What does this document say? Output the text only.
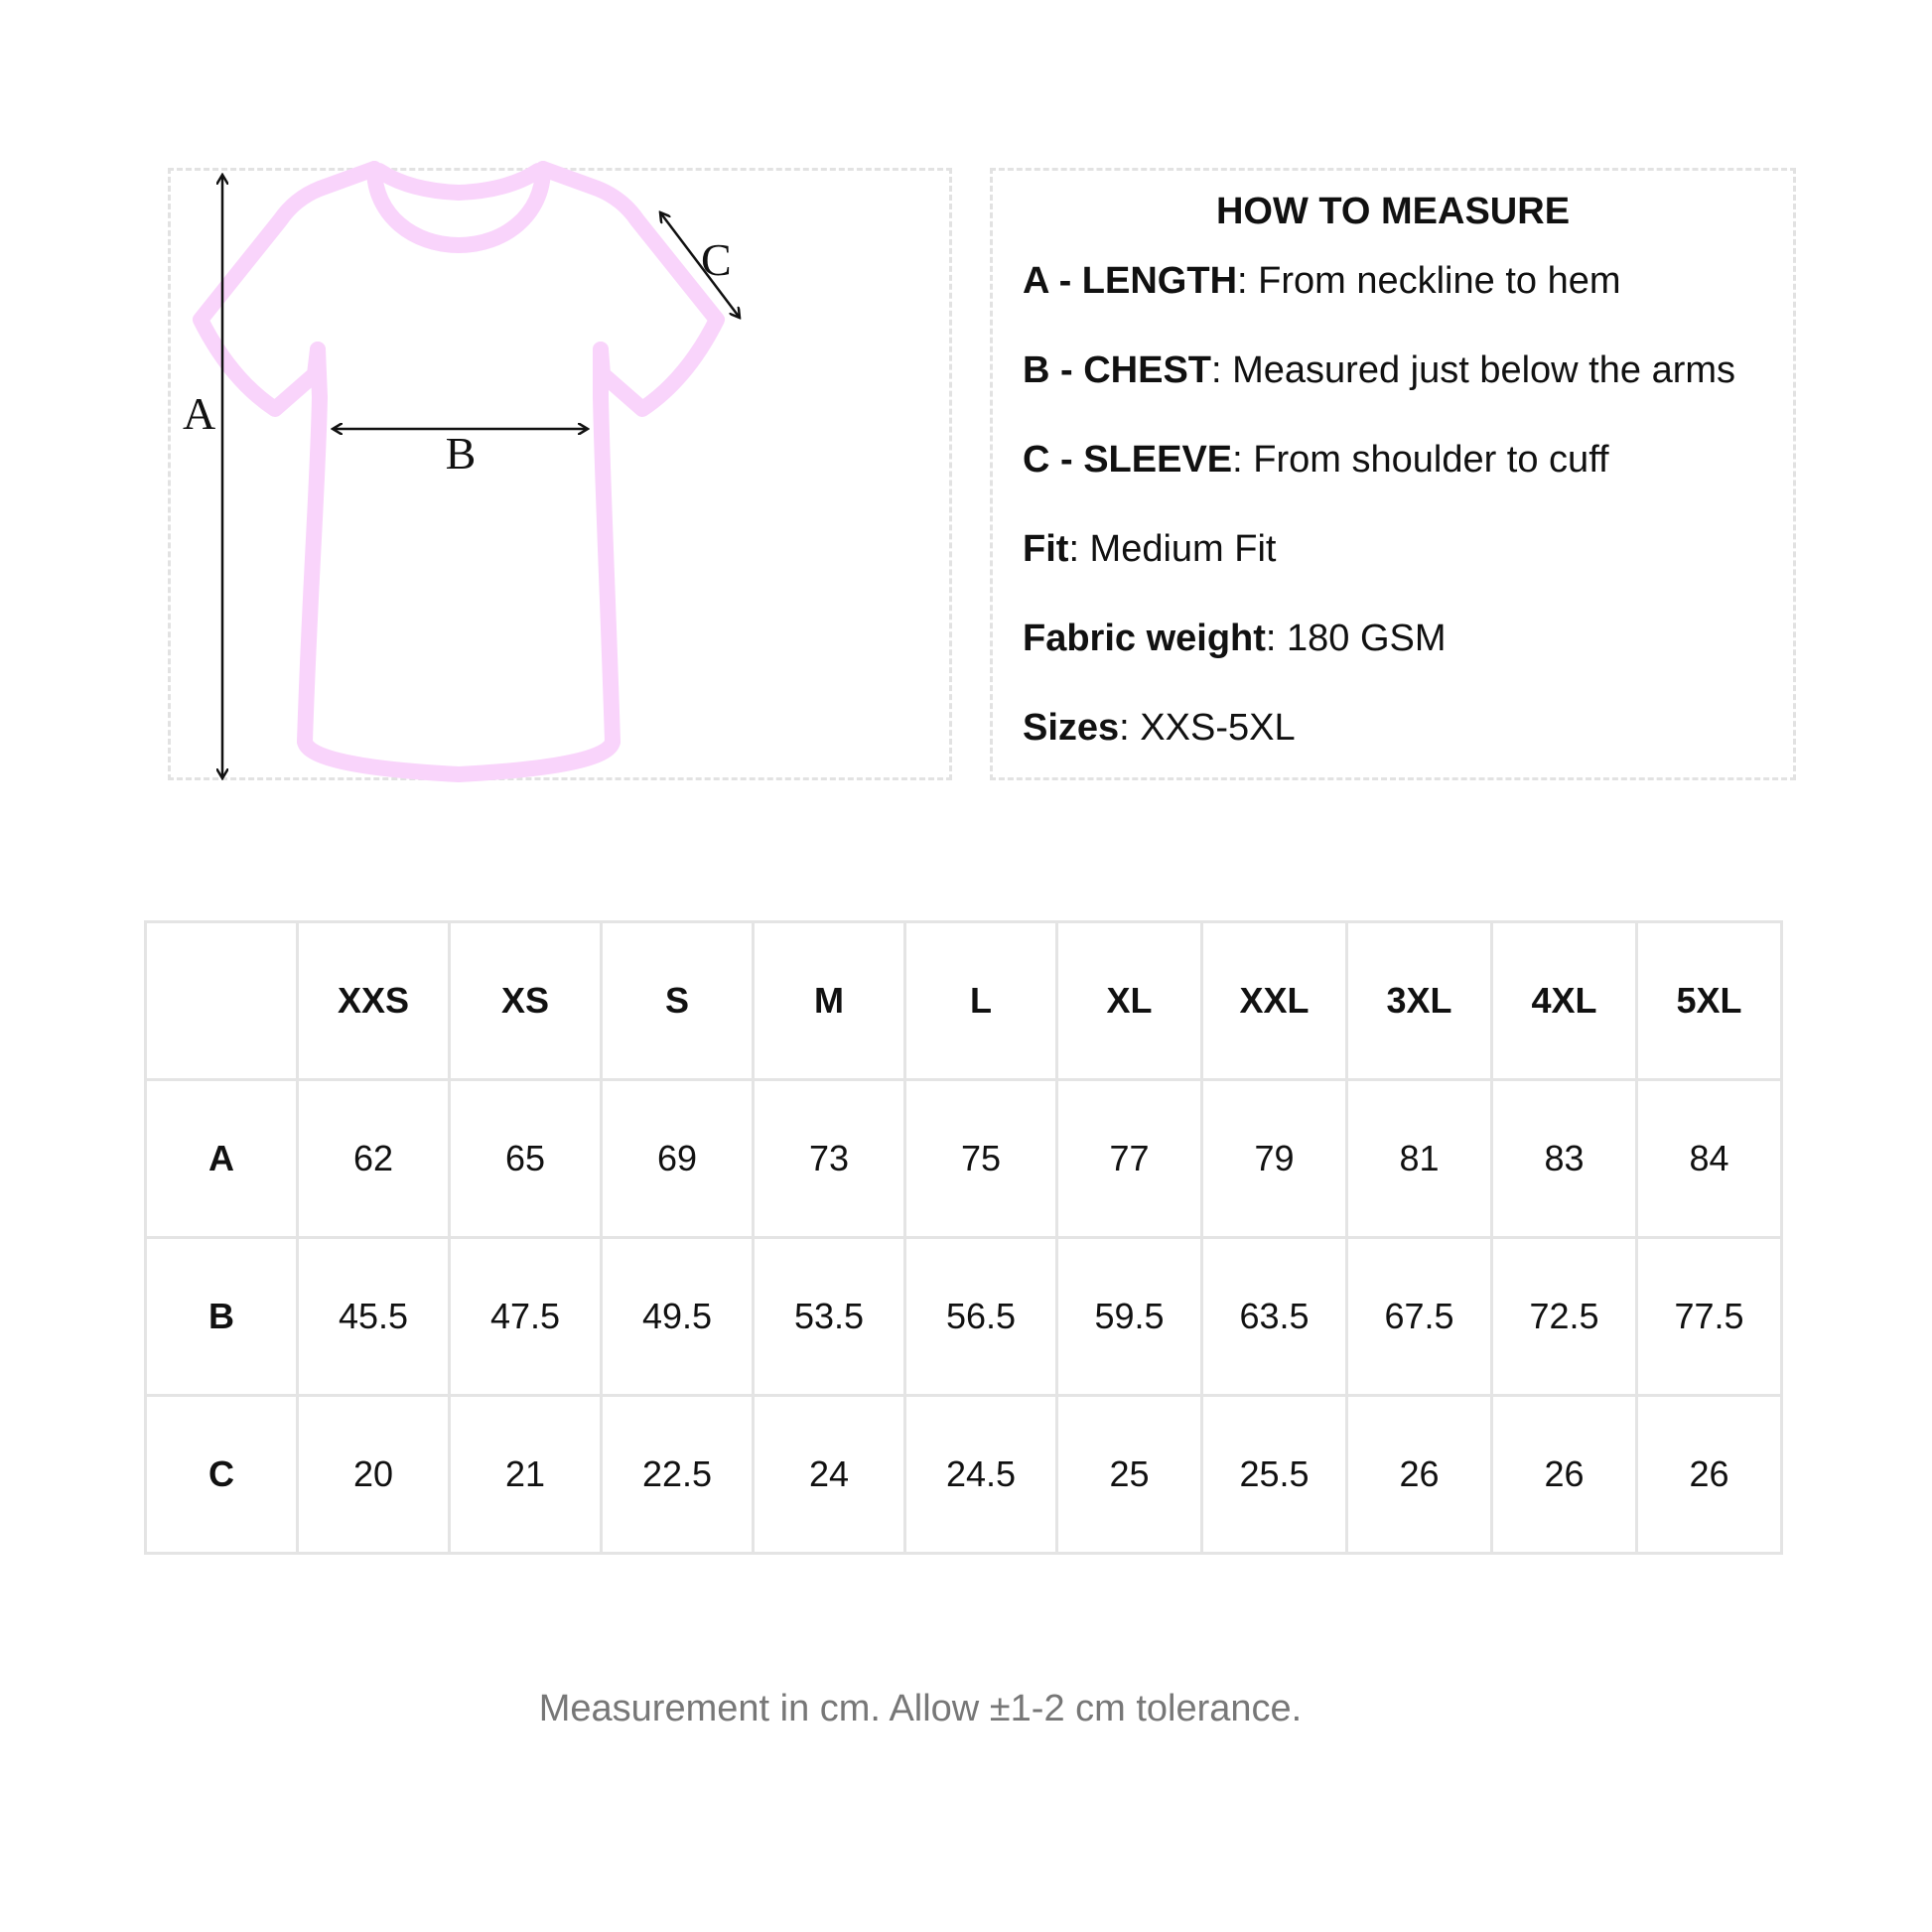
A
B
C
HOW TO MEASURE
A - LENGTH: From neckline to hem
B - CHEST: Measured just below the arms
C - SLEEVE: From shoulder to cuff
Fit: Medium Fit
Fabric weight: 180 GSM
Sizes: XXS-5XL
	XXS	XS	S	M	L	XL	XXL	3XL	4XL	5XL
A	62	65	69	73	75	77	79	81	83	84
B	45.5	47.5	49.5	53.5	56.5	59.5	63.5	67.5	72.5	77.5
C	20	21	22.5	24	24.5	25	25.5	26	26	26
Measurement in cm. Allow ±1-2 cm tolerance.
